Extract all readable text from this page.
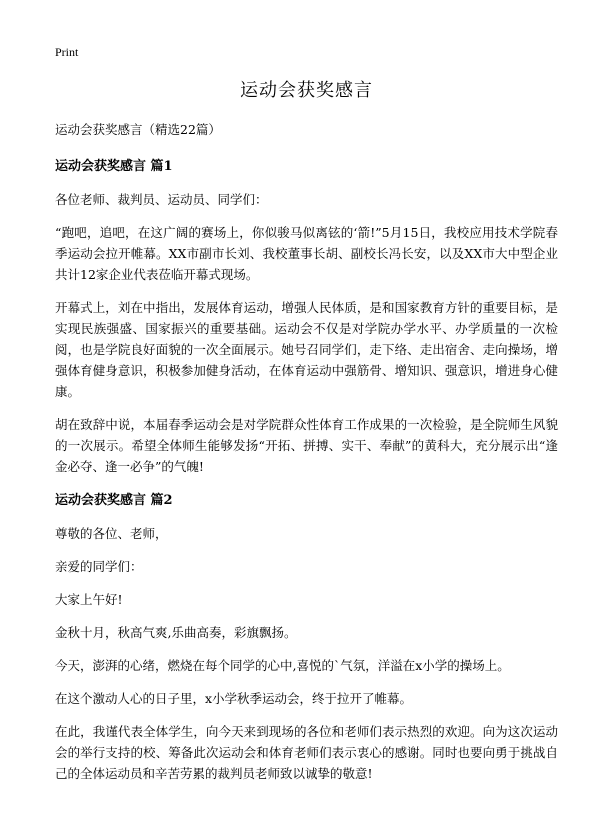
Print
运动会获奖感言
运动会获奖感言（精选22篇）
运动会获奖感言 篇1

各位老师、裁判员、运动员、同学们：

“跑吧，追吧，在这广阔的赛场上，你似骏马似离铉的‘箭!”5月15日，我校应用技术学院春季运动会拉开帷幕。XX市副市长刘、我校董事长胡、副校长冯长安，以及XX市大中型企业共计12家企业代表莅临开幕式现场。

开幕式上，刘在中指出，发展体育运动，增强人民体质，是和国家教育方针的重要目标，是实现民族强盛、国家振兴的重要基础。运动会不仅是对学院办学水平、办学质量的一次检阅，也是学院良好面貌的一次全面展示。她号召同学们，走下络、走出宿舍、走向操场，增强体育健身意识，积极参加健身活动，在体育运动中强筋骨、增知识、强意识，增进身心健康。

胡在致辞中说，本届春季运动会是对学院群众性体育工作成果的一次检验，是全院师生风貌的一次展示。希望全体师生能够发扬“开拓、拼搏、实干、奉献”的黄科大，充分展示出“逢金必夺、逢一必争”的气魄!

运动会获奖感言 篇2

尊敬的各位、老师，

亲爱的同学们：

大家上午好!

金秋十月，秋高气爽,乐曲高奏，彩旗飘扬。

今天，澎湃的心绪，燃烧在每个同学的心中,喜悦的`气氛，洋溢在x小学的操场上。

在这个激动人心的日子里，x小学秋季运动会，终于拉开了帷幕。

在此，我谨代表全体学生，向今天来到现场的各位和老师们表示热烈的欢迎。向为这次运动会的举行支持的校、筹备此次运动会和体育老师们表示衷心的感谢。同时也要向勇于挑战自己的全体运动员和辛苦劳累的裁判员老师致以诚挚的敬意!
